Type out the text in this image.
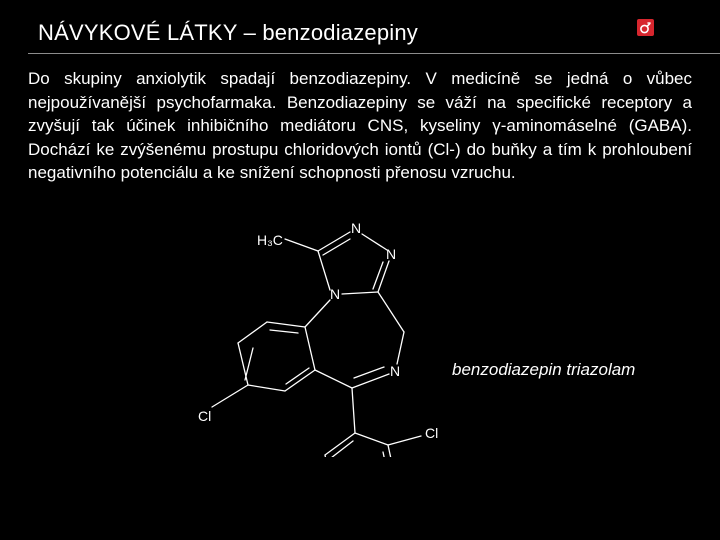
NÁVYKOVÉ LÁTKY – benzodiazepiny
Do skupiny anxiolytik spadají benzodiazepiny. V medicíně se jedná o vůbec nejpoužívanější psychofarmaka. Benzodiazepiny se váží na specifické receptory a zvyšují tak účinek inhibičního mediátoru CNS, kyseliny γ-aminomáselné (GABA). Dochází ke zvýšenému prostupu chloridových iontů (Cl-) do buňky a tím k prohloubení negativního potenciálu a ke snížení schopnosti přenosu vzruchu.
H₃C
N
N
N
N
Cl
Cl
benzodiazepin triazolam
